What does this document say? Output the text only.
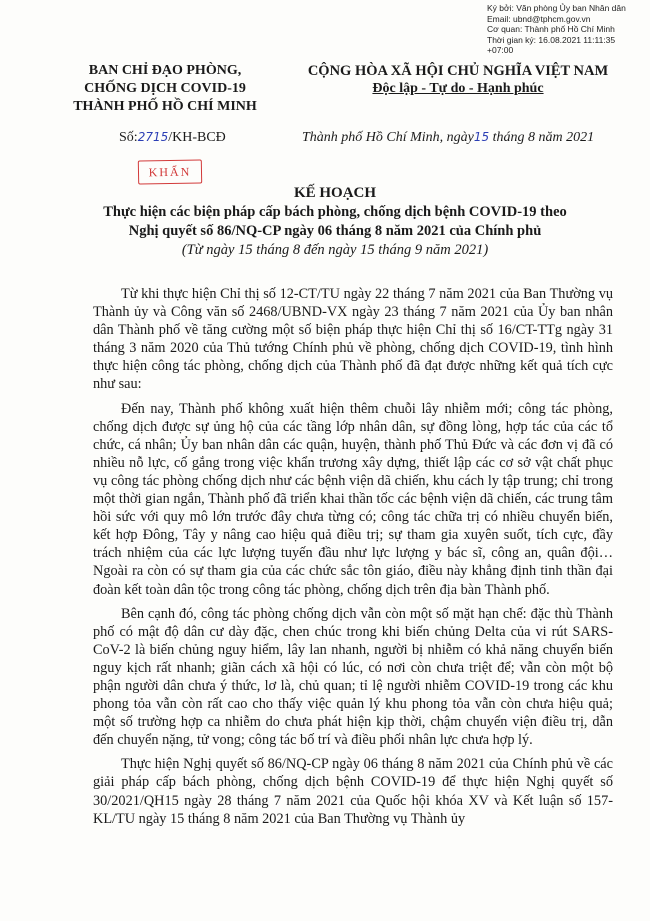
Ký bởi: Văn phòng Ủy ban Nhân dân
Email: ubnd@tphcm.gov.vn
Cơ quan: Thành phố Hồ Chí Minh
Thời gian ký: 16.08.2021 11:11:35
+07:00
BAN CHỈ ĐẠO PHÒNG,
CHỐNG DỊCH COVID-19
THÀNH PHỐ HỒ CHÍ MINH
CỘNG HÒA XÃ HỘI CHỦ NGHĨA VIỆT NAM
Độc lập - Tự do - Hạnh phúc
Số:2715/KH-BCĐ	Thành phố Hồ Chí Minh, ngày15 tháng 8 năm 2021
KHẨN
KẾ HOẠCH
Thực hiện các biện pháp cấp bách phòng, chống dịch bệnh COVID-19 theo
Nghị quyết số 86/NQ-CP ngày 06 tháng 8 năm 2021 của Chính phủ
(Từ ngày 15 tháng 8 đến ngày 15 tháng 9 năm 2021)

Từ khi thực hiện Chỉ thị số 12-CT/TU ngày 22 tháng 7 năm 2021 của Ban Thường vụ Thành ủy và Công văn số 2468/UBND-VX ngày 23 tháng 7 năm 2021 của Ủy ban nhân dân Thành phố về tăng cường một số biện pháp thực hiện Chỉ thị số 16/CT-TTg ngày 31 tháng 3 năm 2020 của Thủ tướng Chính phủ về phòng, chống dịch COVID-19, tình hình thực hiện công tác phòng, chống dịch của Thành phố đã đạt được những kết quả tích cực như sau:

Đến nay, Thành phố không xuất hiện thêm chuỗi lây nhiễm mới; công tác phòng, chống dịch được sự ủng hộ của các tầng lớp nhân dân, sự đồng lòng, hợp tác của các tổ chức, cá nhân; Ủy ban nhân dân các quận, huyện, thành phố Thủ Đức và các đơn vị đã có nhiều nỗ lực, cố gắng trong việc khẩn trương xây dựng, thiết lập các cơ sở vật chất phục vụ công tác phòng chống dịch như các bệnh viện dã chiến, khu cách ly tập trung; chỉ trong một thời gian ngắn, Thành phố đã triển khai thần tốc các bệnh viện dã chiến, các trung tâm hồi sức với quy mô lớn trước đây chưa từng có; công tác chữa trị có nhiều chuyển biến, kết hợp Đông, Tây y nâng cao hiệu quả điều trị; sự tham gia xuyên suốt, tích cực, đầy trách nhiệm của các lực lượng tuyến đầu như lực lượng y bác sĩ, công an, quân đội… Ngoài ra còn có sự tham gia của các chức sắc tôn giáo, điều này khẳng định tinh thần đại đoàn kết toàn dân tộc trong công tác phòng, chống dịch trên địa bàn Thành phố.

Bên cạnh đó, công tác phòng chống dịch vẫn còn một số mặt hạn chế: đặc thù Thành phố có mật độ dân cư dày đặc, chen chúc trong khi biến chủng Delta của vi rút SARS-CoV-2 là biến chủng nguy hiểm, lây lan nhanh, người bị nhiễm có khả năng chuyển biến nguy kịch rất nhanh; giãn cách xã hội có lúc, có nơi còn chưa triệt để; vẫn còn một bộ phận người dân chưa ý thức, lơ là, chủ quan; tỉ lệ người nhiễm COVID-19 trong các khu phong tỏa vẫn còn rất cao cho thấy việc quản lý khu phong tỏa vẫn còn chưa hiệu quả; một số trường hợp ca nhiễm do chưa phát hiện kịp thời, chậm chuyển viện điều trị, dẫn đến chuyển nặng, tử vong; công tác bố trí và điều phối nhân lực chưa hợp lý.

Thực hiện Nghị quyết số 86/NQ-CP ngày 06 tháng 8 năm 2021 của Chính phủ về các giải pháp cấp bách phòng, chống dịch bệnh COVID-19 để thực hiện Nghị quyết số 30/2021/QH15 ngày 28 tháng 7 năm 2021 của Quốc hội khóa XV và Kết luận số 157-KL/TU ngày 15 tháng 8 năm 2021 của Ban Thường vụ Thành ủy
